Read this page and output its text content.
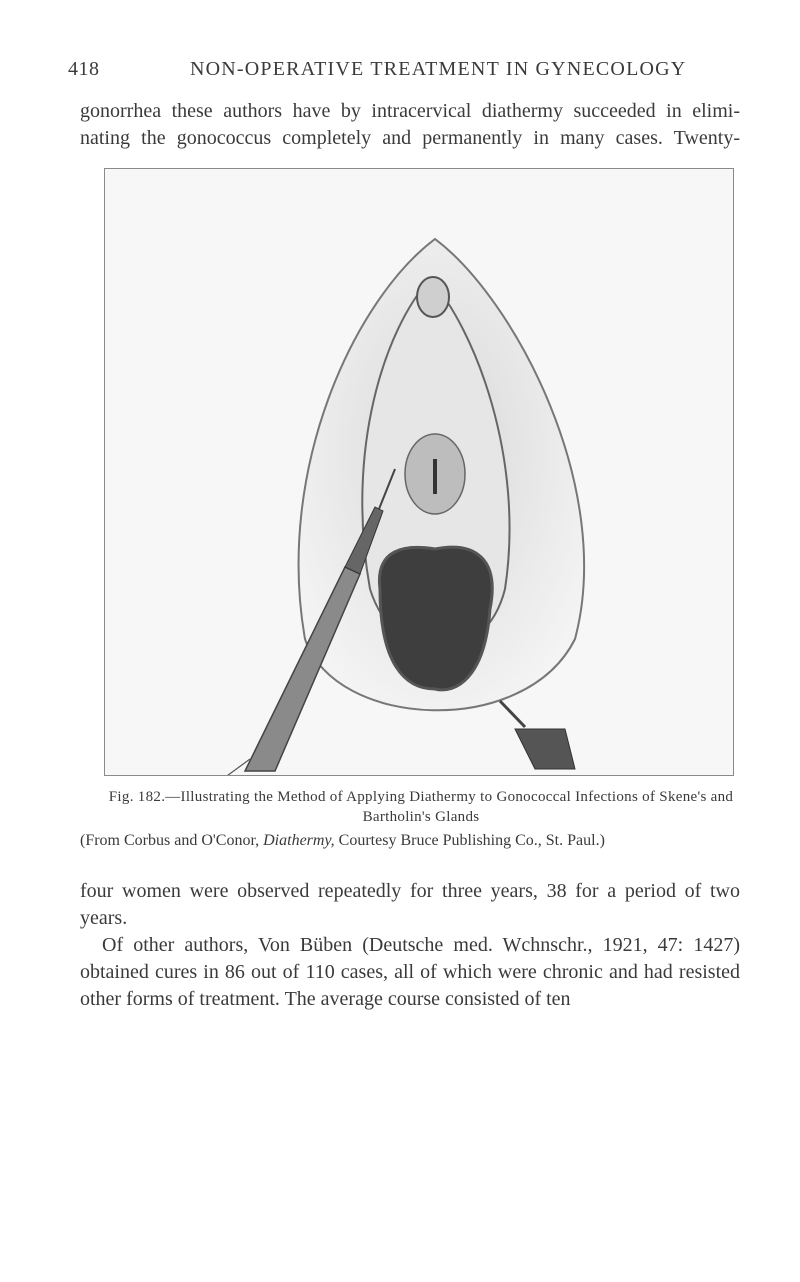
418	NON-OPERATIVE TREATMENT IN GYNECOLOGY

gonorrhea these authors have by intracervical diathermy succeeded in elimi-nating the gonococcus completely and permanently in many cases. Twenty-

Fig. 182.—Illustrating the Method of Applying Diathermy to Gonococcal Infections of Skene's and Bartholin's Glands
(From Corbus and O'Conor, Diathermy, Courtesy Bruce Publishing Co., St. Paul.)

four women were observed repeatedly for three years, 38 for a period of two years.

Of other authors, Von Büben (Deutsche med. Wchnschr., 1921, 47: 1427) obtained cures in 86 out of 110 cases, all of which were chronic and had resisted other forms of treatment. The average course consisted of ten
